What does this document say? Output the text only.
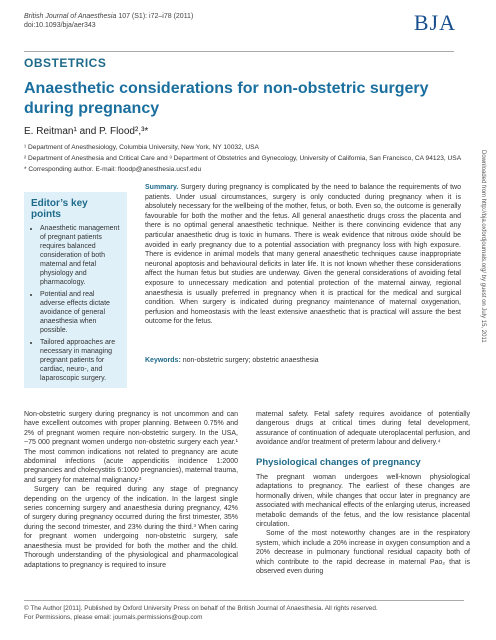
British Journal of Anaesthesia 107 (S1): i72–i78 (2011)
doi:10.1093/bja/aer343	BJA
OBSTETRICS
Anaesthetic considerations for non-obstetric surgery during pregnancy
E. Reitman¹ and P. Flood²,³*

¹ Department of Anesthesiology, Columbia University, New York, NY 10032, USA

² Department of Anesthesia and Critical Care and ³ Department of Obstetrics and Gynecology, University of California, San Francisco, CA 94123, USA

* Corresponding author. E-mail: floodp@anesthesia.ucsf.edu

Editor’s key points
• Anaesthetic management of pregnant patients requires balanced consideration of both maternal and fetal physiology and pharmacology.
• Potential and real adverse effects dictate avoidance of general anaesthesia when possible.
• Tailored approaches are necessary in managing pregnant patients for cardiac, neuro-, and laparoscopic surgery.
Summary. Surgery during pregnancy is complicated by the need to balance the requirements of two patients. Under usual circumstances, surgery is only conducted during pregnancy when it is absolutely necessary for the wellbeing of the mother, fetus, or both. Even so, the outcome is generally favourable for both the mother and the fetus. All general anaesthetic drugs cross the placenta and there is no optimal general anaesthetic technique. Neither is there convincing evidence that any particular anaesthetic drug is toxic in humans. There is weak evidence that nitrous oxide should be avoided in early pregnancy due to a potential association with pregnancy loss with high exposure. There is evidence in animal models that many general anaesthetic techniques cause inappropriate neuronal apoptosis and behavioural deficits in later life. It is not known whether these considerations affect the human fetus but studies are underway. Given the general considerations of avoiding fetal exposure to unnecessary medication and potential protection of the maternal airway, regional anaesthesia is usually preferred in pregnancy when it is practical for the medical and surgical condition. When surgery is indicated during pregnancy maintenance of maternal oxygenation, perfusion and homeostasis with the least extensive anaesthetic that is practical will assure the best outcome for the fetus.
Keywords: non-obstetric surgery; obstetric anaesthesia

Non-obstetric surgery during pregnancy is not uncommon and can have excellent outcomes with proper planning. Between 0.75% and 2% of pregnant women require non-obstetric surgery. In the USA, ~75 000 pregnant women undergo non-obstetric surgery each year.¹ The most common indications not related to pregnancy are acute abdominal infections (acute appendicitis incidence 1:2000 pregnancies and cholecystitis 6:1000 pregnancies), maternal trauma, and surgery for maternal malignancy.²

Surgery can be required during any stage of pregnancy depending on the urgency of the indication. In the largest single series concerning surgery and anaesthesia during pregnancy, 42% of surgery during pregnancy occurred during the first trimester, 35% during the second trimester, and 23% during the third.³ When caring for pregnant women undergoing non-obstetric surgery, safe anaesthesia must be provided for both the mother and the child. Thorough understanding of the physiological and pharmacological adaptations to pregnancy is required to insure

maternal safety. Fetal safety requires avoidance of potentially dangerous drugs at critical times during fetal development, assurance of continuation of adequate uteroplacental perfusion, and avoidance and/or treatment of preterm labour and delivery.⁴

Physiological changes of pregnancy

The pregnant woman undergoes well-known physiological adaptations to pregnancy. The earliest of these changes are hormonally driven, while changes that occur later in pregnancy are associated with mechanical effects of the enlarging uterus, increased metabolic demands of the fetus, and the low resistance placental circulation.

Some of the most noteworthy changes are in the respiratory system, which include a 20% increase in oxygen consumption and a 20% decrease in pulmonary functional residual capacity both of which contribute to the rapid decrease in maternal Paᴏ₂ that is observed even during

© The Author [2011]. Published by Oxford University Press on behalf of the British Journal of Anaesthesia. All rights reserved.
For Permissions, please email: journals.permissions@oup.com
Downloaded from http://bja.oxfordjournals.org/ by guest on July 15, 2011
